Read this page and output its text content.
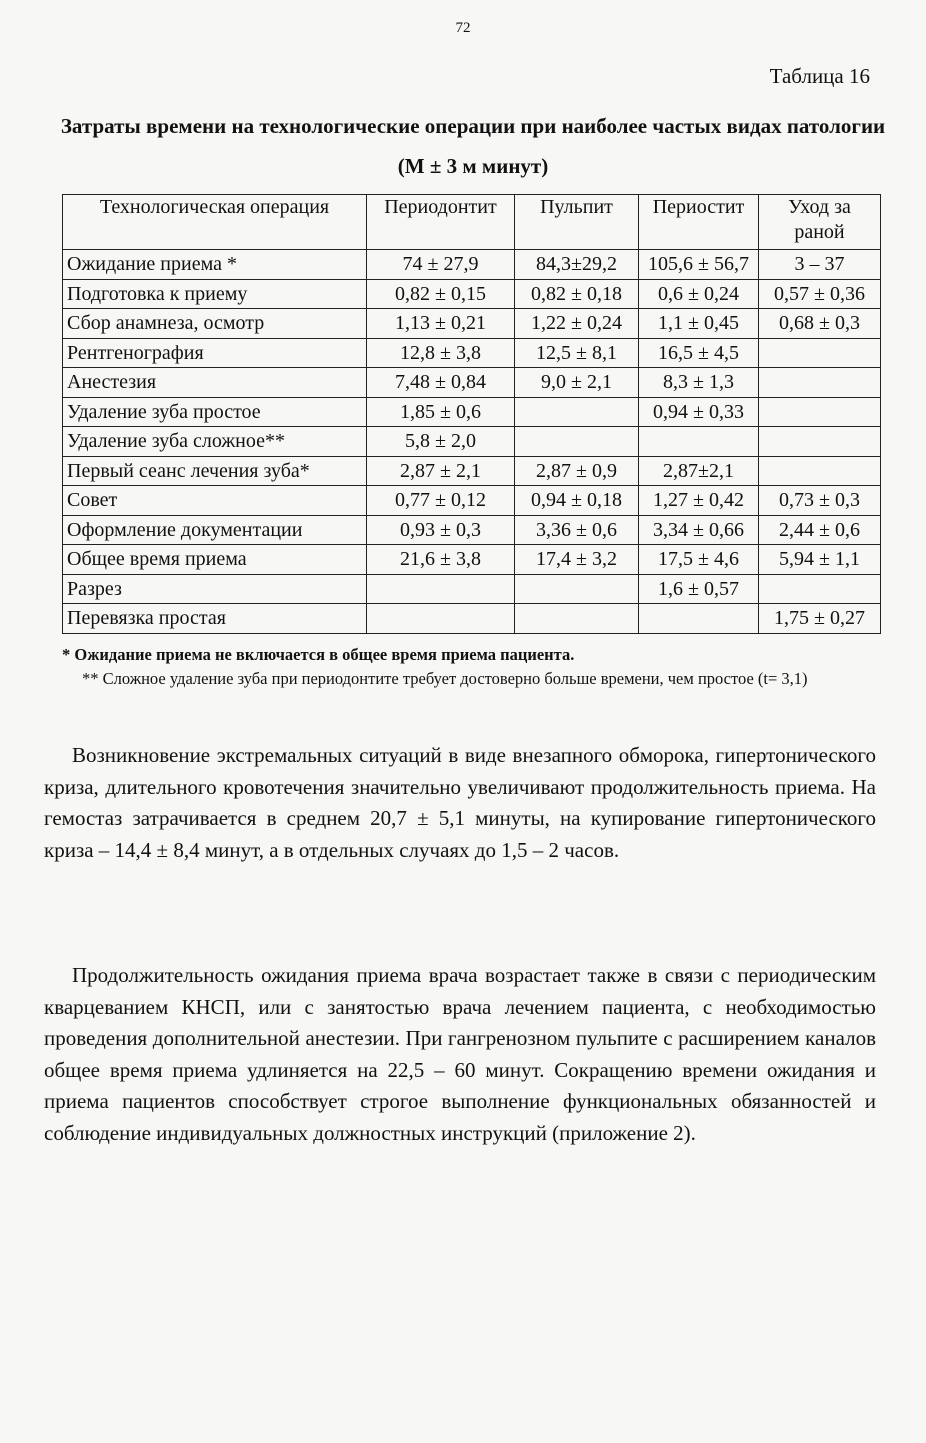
72
Таблица 16
Затраты времени на технологические операции при наиболее частых видах патологии (М ± 3 м минут)
Технологическая операция	Периодонтит	Пульпит	Периостит	Уход за раной
Ожидание приема *	74 ± 27,9	84,3±29,2	105,6 ± 56,7	3 – 37
Подготовка к приему	0,82 ± 0,15	0,82 ± 0,18	0,6 ± 0,24	0,57 ± 0,36
Сбор анамнеза, осмотр	1,13 ± 0,21	1,22 ± 0,24	1,1 ± 0,45	0,68 ± 0,3
Рентгенография	12,8 ± 3,8	12,5 ± 8,1	16,5 ± 4,5	
Анестезия	7,48 ± 0,84	9,0 ± 2,1	8,3 ± 1,3	
Удаление зуба простое	1,85 ± 0,6		0,94 ± 0,33	
Удаление зуба сложное**	5,8 ± 2,0			
Первый сеанс лечения зуба*	2,87 ± 2,1	2,87 ± 0,9	2,87±2,1	
Совет	0,77 ± 0,12	0,94 ± 0,18	1,27 ± 0,42	0,73 ± 0,3
Оформление документации	0,93 ± 0,3	3,36 ± 0,6	3,34 ± 0,66	2,44 ± 0,6
Общее время приема	21,6 ± 3,8	17,4 ± 3,2	17,5 ± 4,6	5,94 ± 1,1
Разрез			1,6 ± 0,57	
Перевязка простая				1,75 ± 0,27
* Ожидание приема не включается в общее время приема пациента.
** Сложное удаление зуба при периодонтите требует достоверно больше времени, чем простое (t= 3,1)
Возникновение экстремальных ситуаций в виде внезапного обморока, гипертонического криза, длительного кровотечения значительно увеличивают продолжительность приема. На гемостаз затрачивается в среднем 20,7 ± 5,1 минуты, на купирование гипертонического криза – 14,4 ± 8,4 минут, а в отдельных случаях до 1,5 – 2 часов.
Продолжительность ожидания приема врача возрастает также в связи с периодическим кварцеванием КНСП, или с занятостью врача лечением пациента, с необходимостью проведения дополнительной анестезии. При гангренозном пульпите с расширением каналов общее время приема удлиняется на 22,5 – 60 минут. Сокращению времени ожидания и приема пациентов способствует строгое выполнение функциональных обязанностей и соблюдение индивидуальных должностных инструкций (приложение 2).
